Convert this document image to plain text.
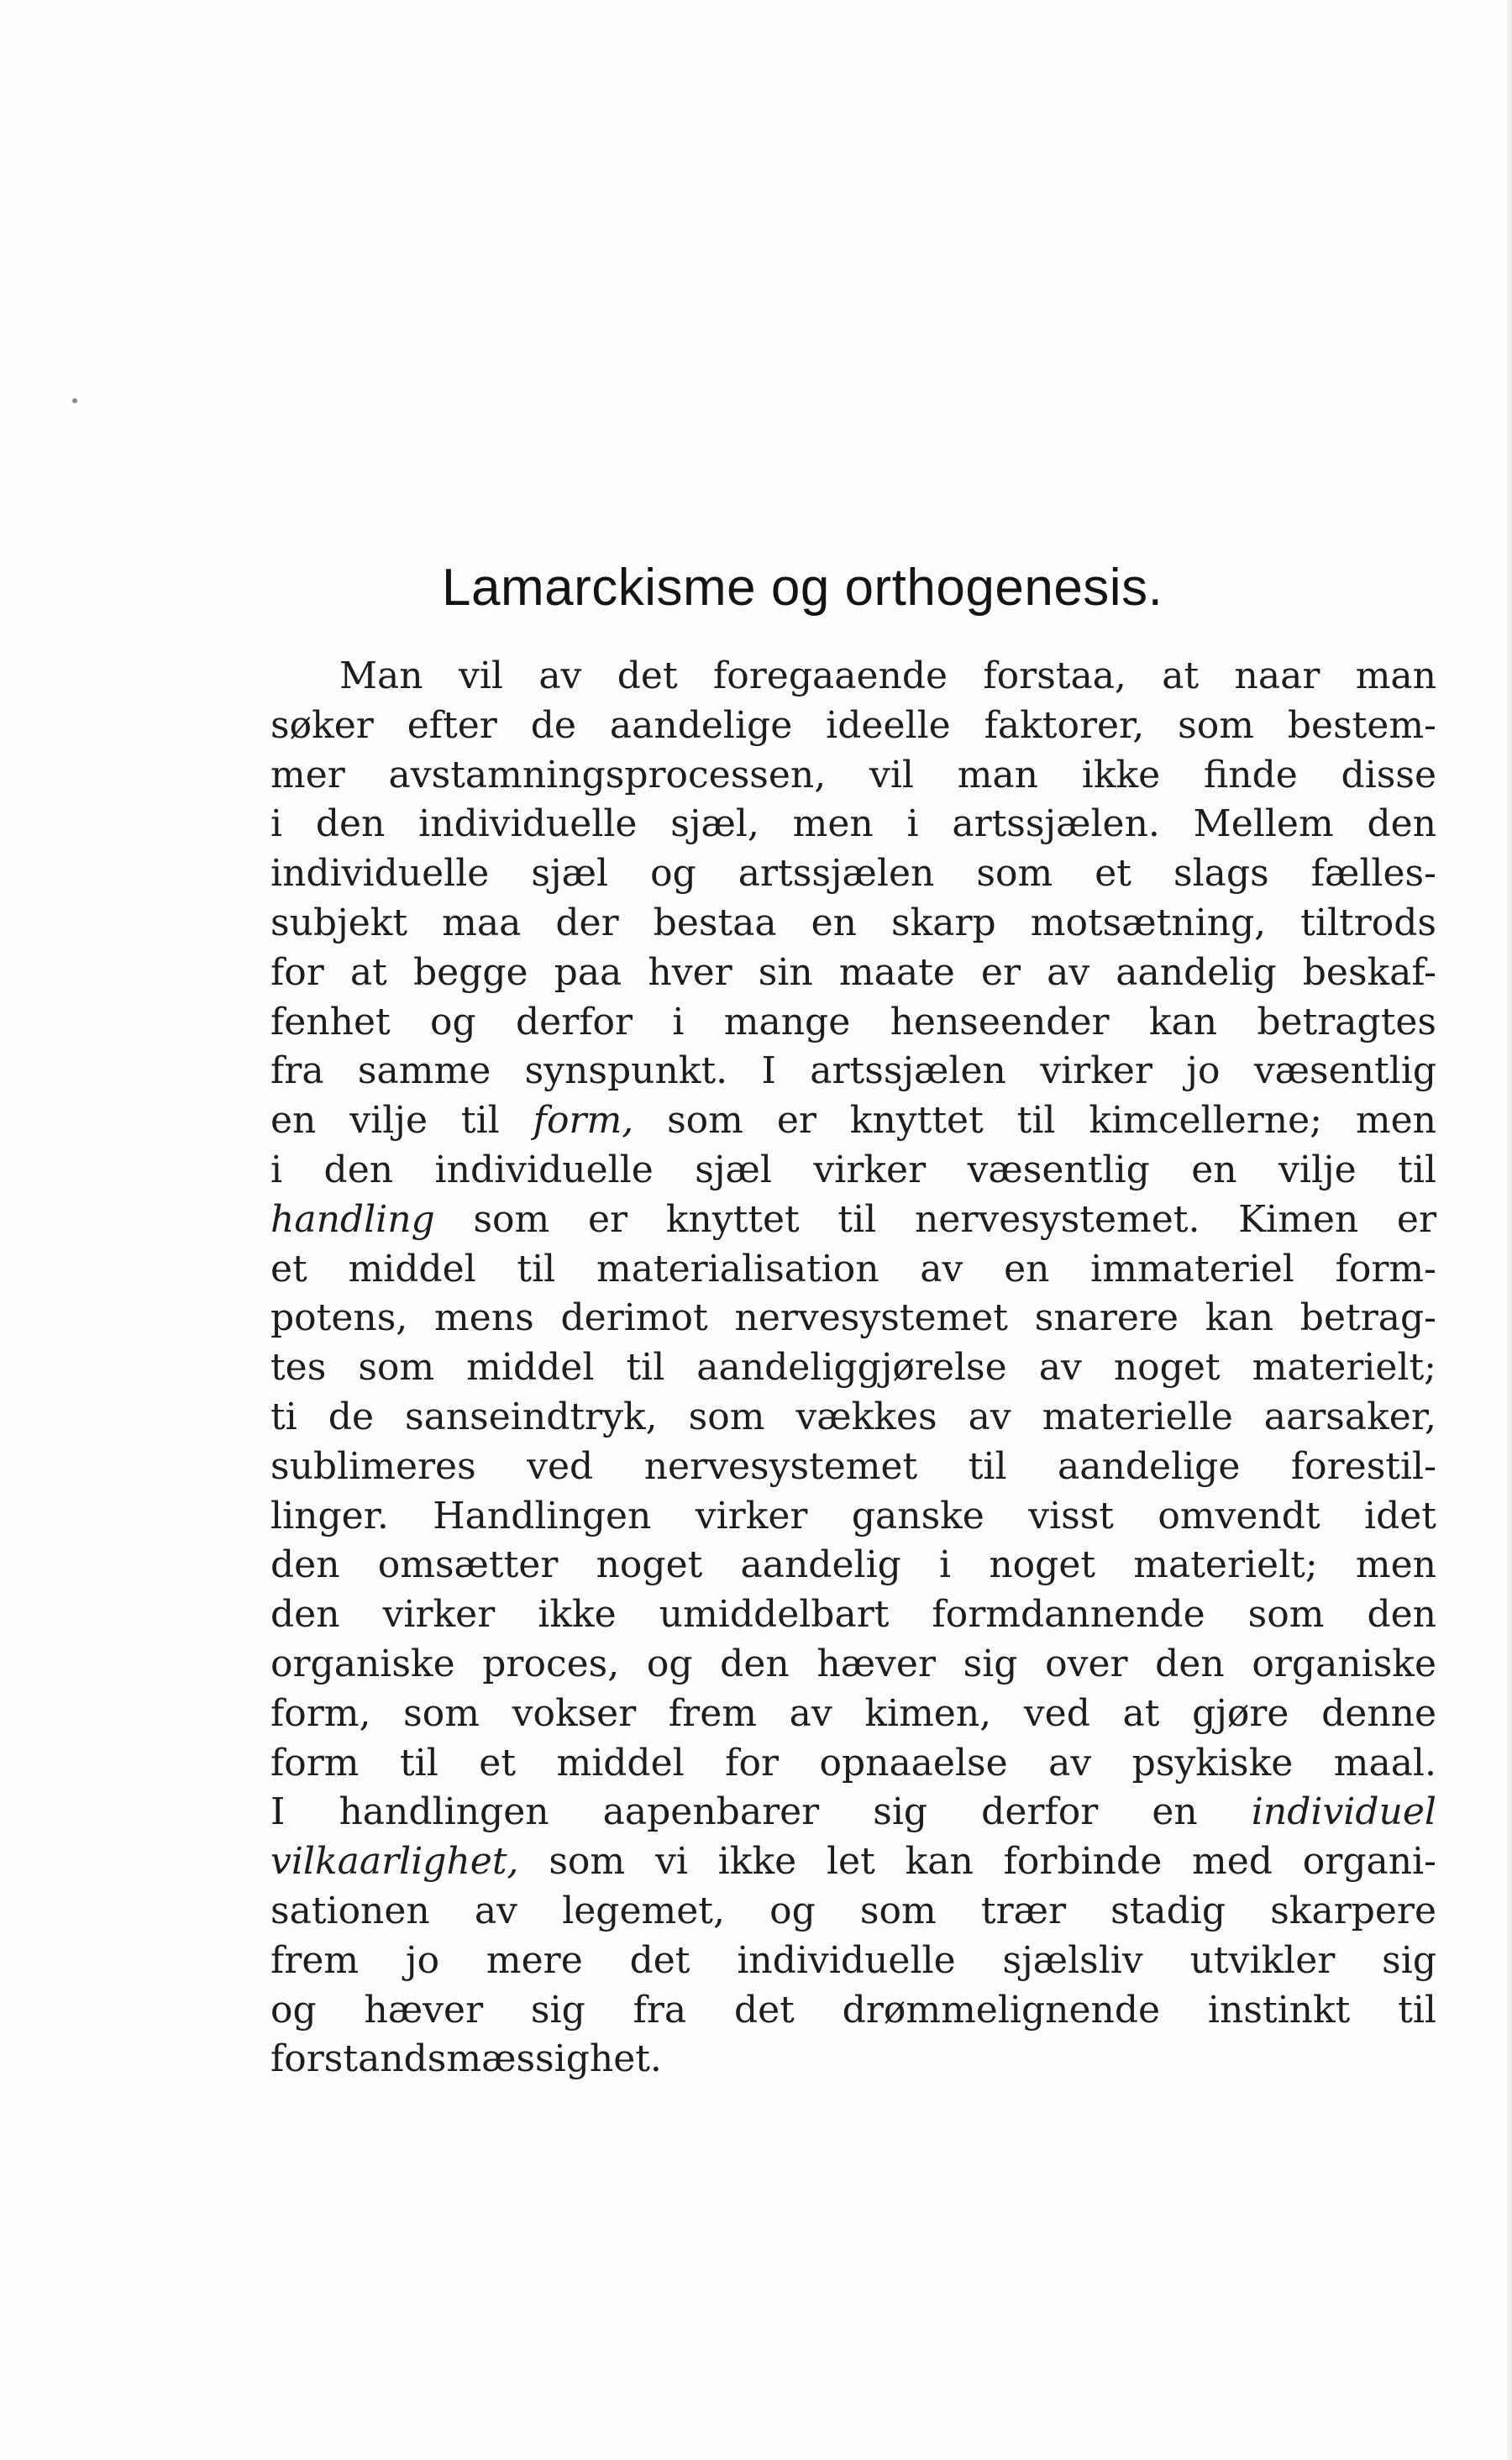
Lamarckisme og orthogenesis.
Man vil av det foregaaende forstaa, at naar man
søker efter de aandelige ideelle faktorer, som bestem-
mer avstamningsprocessen, vil man ikke finde disse
i den individuelle sjæl, men i artssjælen. Mellem den
individuelle sjæl og artssjælen som et slags fælles-
subjekt maa der bestaa en skarp motsætning, tiltrods
for at begge paa hver sin maate er av aandelig beskaf-
fenhet og derfor i mange henseender kan betragtes
fra samme synspunkt. I artssjælen virker jo væsentlig
en vilje til form, som er knyttet til kimcellerne; men
i den individuelle sjæl virker væsentlig en vilje til
handling som er knyttet til nervesystemet. Kimen er
et middel til materialisation av en immateriel form-
potens, mens derimot nervesystemet snarere kan betrag-
tes som middel til aandeliggjørelse av noget materielt;
ti de sanseindtryk, som vækkes av materielle aarsaker,
sublimeres ved nervesystemet til aandelige forestil-
linger. Handlingen virker ganske visst omvendt idet
den omsætter noget aandelig i noget materielt; men
den virker ikke umiddelbart formdannende som den
organiske proces, og den hæver sig over den organiske
form, som vokser frem av kimen, ved at gjøre denne
form til et middel for opnaaelse av psykiske maal.
I handlingen aapenbarer sig derfor en individuel
vilkaarlighet, som vi ikke let kan forbinde med organi-
sationen av legemet, og som trær stadig skarpere
frem jo mere det individuelle sjælsliv utvikler sig
og hæver sig fra det drømmelignende instinkt til
forstandsmæssighet.
